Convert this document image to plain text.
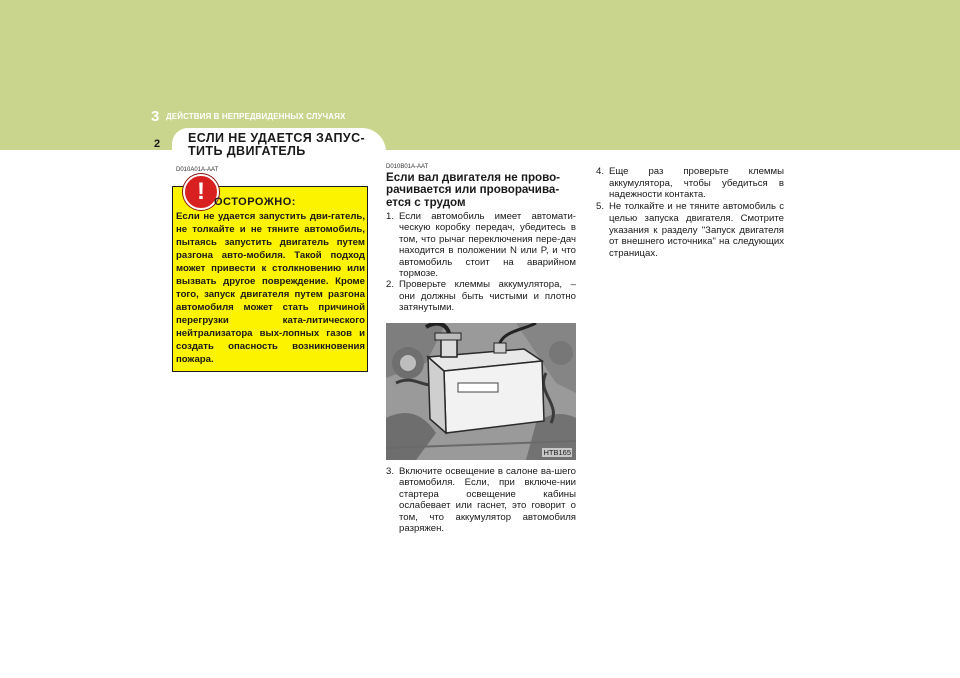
3 ДЕЙСТВИЯ В НЕПРЕДВИДЕННЫХ СЛУЧАЯХ
2 ЕСЛИ НЕ УДАЕТСЯ ЗАПУС-ТИТЬ ДВИГАТЕЛЬ
D010A01A-AAT
! ОСТОРОЖНО:

Если не удается запустить дви-гатель, не толкайте и не тяните автомобиль, пытаясь запустить двигатель путем разгона авто-мобиля. Такой подход может привести к столкновению или вызвать другое повреждение. Кроме того, запуск двигателя путем разгона автомобиля может стать причиной перегрузки ката-литического нейтрализатора вых-лопных газов и создать опасность возникновения пожара.

D010B01A-AAT
Если вал двигателя не прово-рачивается или проворачива-ется с трудом
1. Если автомобиль имеет автомати-ческую коробку передач, убедитесь в том, что рычаг переключения пере-дач находится в положении N или P, и что автомобиль стоит на аварийном тормозе.
2. Проверьте клеммы аккумулятора, – они должны быть чистыми и плотно затянутыми.
HTB165
3. Включите освещение в салоне ва-шего автомобиля. Если, при включе-нии стартера освещение кабины ослабевает или гаснет, это говорит о том, что аккумулятор автомобиля разряжен.
4. Еще раз проверьте клеммы аккумулятора, чтобы убедиться в надежности контакта.
5. Не толкайте и не тяните автомобиль с целью запуска двигателя. Смотрите указания к разделу "Запуск двигателя от внешнего источника" на следующих страницах.
